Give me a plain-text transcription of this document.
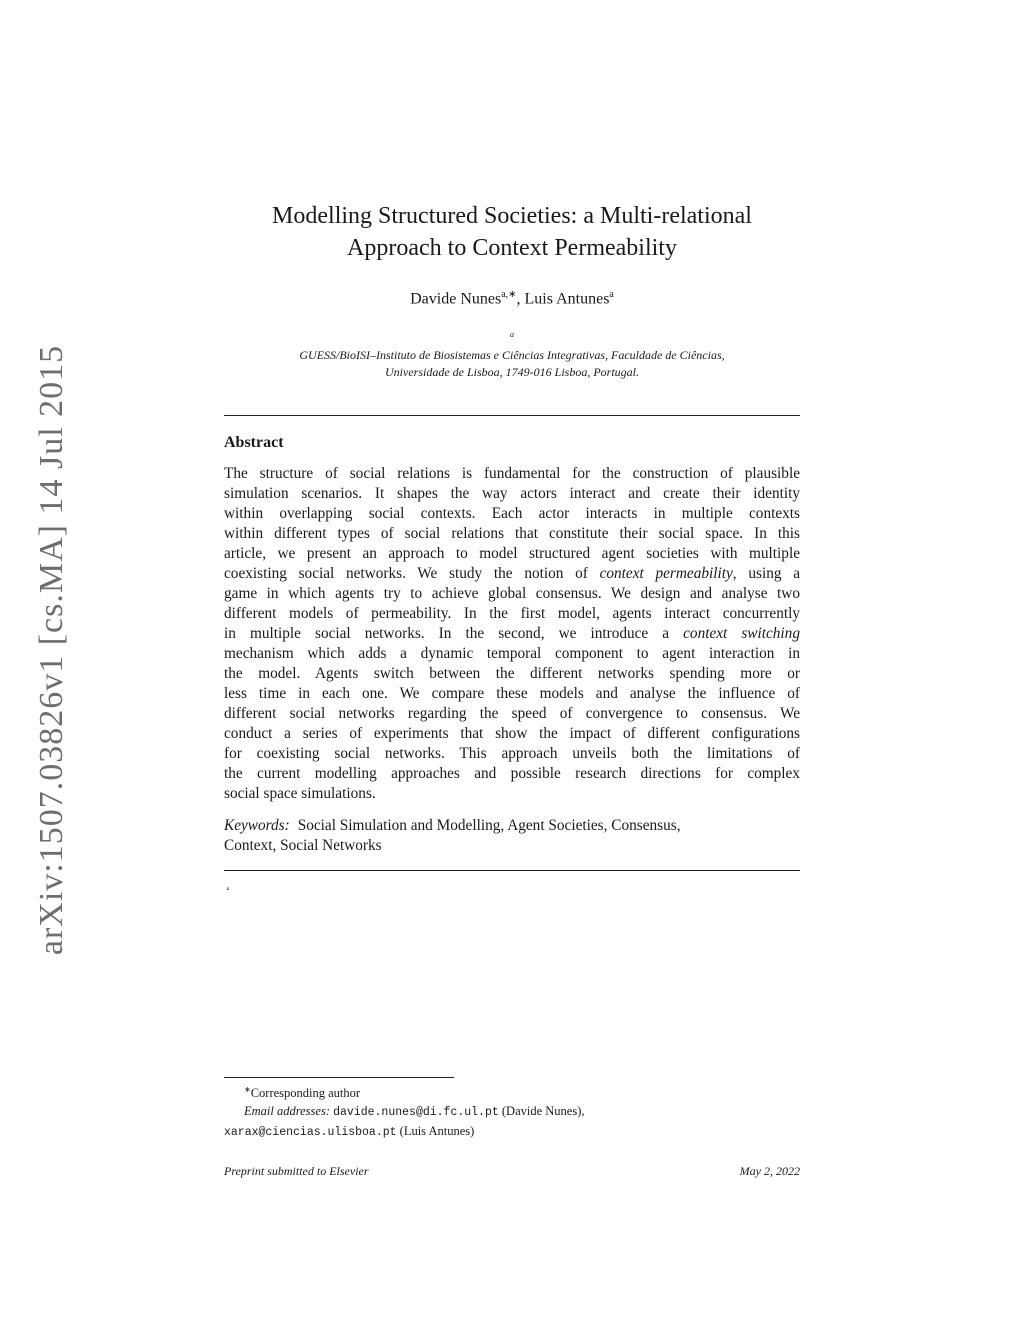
arXiv:1507.03826v1 [cs.MA] 14 Jul 2015
Modelling Structured Societies: a Multi-relational
Approach to Context Permeability
Davide Nunes$^{a,∗}$, Luis Antunes$^a$
$^a$
GUESS/BioISI–Instituto de Biosistemas e Ciências Integrativas, Faculdade de Ciências,
Universidade de Lisboa, 1749-016 Lisboa, Portugal.
Abstract
The structure of social relations is fundamental for the construction of plausible
simulation scenarios. It shapes the way actors interact and create their identity
within overlapping social contexts. Each actor interacts in multiple contexts
within different types of social relations that constitute their social space. In this
article, we present an approach to model structured agent societies with multiple
coexisting social networks. We study the notion of context permeability, using a
game in which agents try to achieve global consensus. We design and analyse two
different models of permeability. In the first model, agents interact concurrently
in multiple social networks. In the second, we introduce a context switching
mechanism which adds a dynamic temporal component to agent interaction in
the model. Agents switch between the different networks spending more or
less time in each one. We compare these models and analyse the influence of
different social networks regarding the speed of convergence to consensus. We
conduct a series of experiments that show the impact of different configurations
for coexisting social networks. This approach unveils both the limitations of
the current modelling approaches and possible research directions for complex
social space simulations.
Keywords: Social Simulation and Modelling, Agent Societies, Consensus,
Context, Social Networks
‘
∗Corresponding author
Email addresses: davide.nunes@di.fc.ul.pt (Davide Nunes),
xarax@ciencias.ulisboa.pt (Luis Antunes)
Preprint submitted to Elsevier	May 2, 2022
